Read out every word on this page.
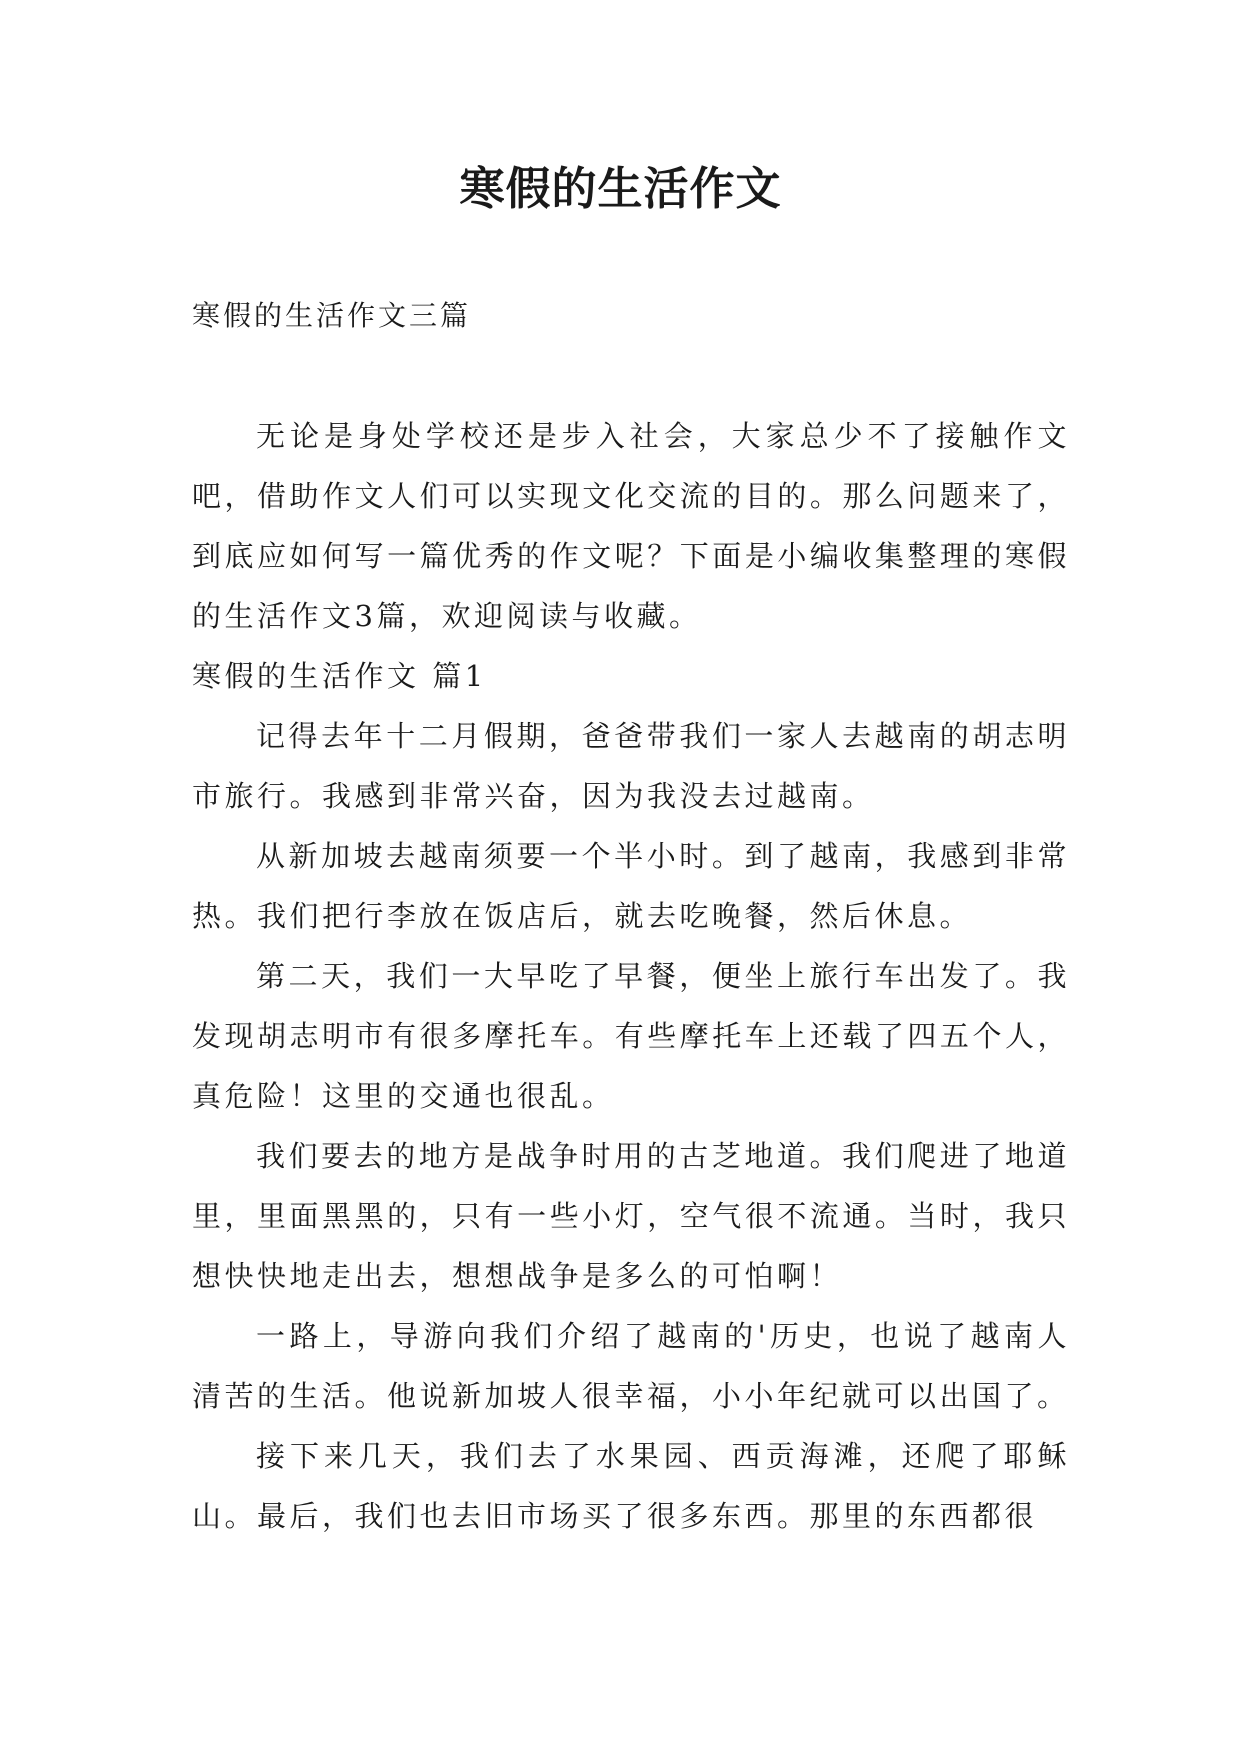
寒假的生活作文

寒假的生活作文三篇

无论是身处学校还是步入社会，大家总少不了接触作文吧，借助作文人们可以实现文化交流的目的。那么问题来了，到底应如何写一篇优秀的作文呢？下面是小编收集整理的寒假的生活作文3篇，欢迎阅读与收藏。

寒假的生活作文 篇1

记得去年十二月假期，爸爸带我们一家人去越南的胡志明市旅行。我感到非常兴奋，因为我没去过越南。

从新加坡去越南须要一个半小时。到了越南，我感到非常热。我们把行李放在饭店后，就去吃晚餐，然后休息。

第二天，我们一大早吃了早餐，便坐上旅行车出发了。我发现胡志明市有很多摩托车。有些摩托车上还载了四五个人，真危险！这里的交通也很乱。

我们要去的地方是战争时用的古芝地道。我们爬进了地道里，里面黑黑的，只有一些小灯，空气很不流通。当时，我只想快快地走出去，想想战争是多么的可怕啊！

一路上，导游向我们介绍了越南的'历史，也说了越南人清苦的生活。他说新加坡人很幸福，小小年纪就可以出国了。

接下来几天，我们去了水果园、西贡海滩，还爬了耶稣山。最后，我们也去旧市场买了很多东西。那里的东西都很
